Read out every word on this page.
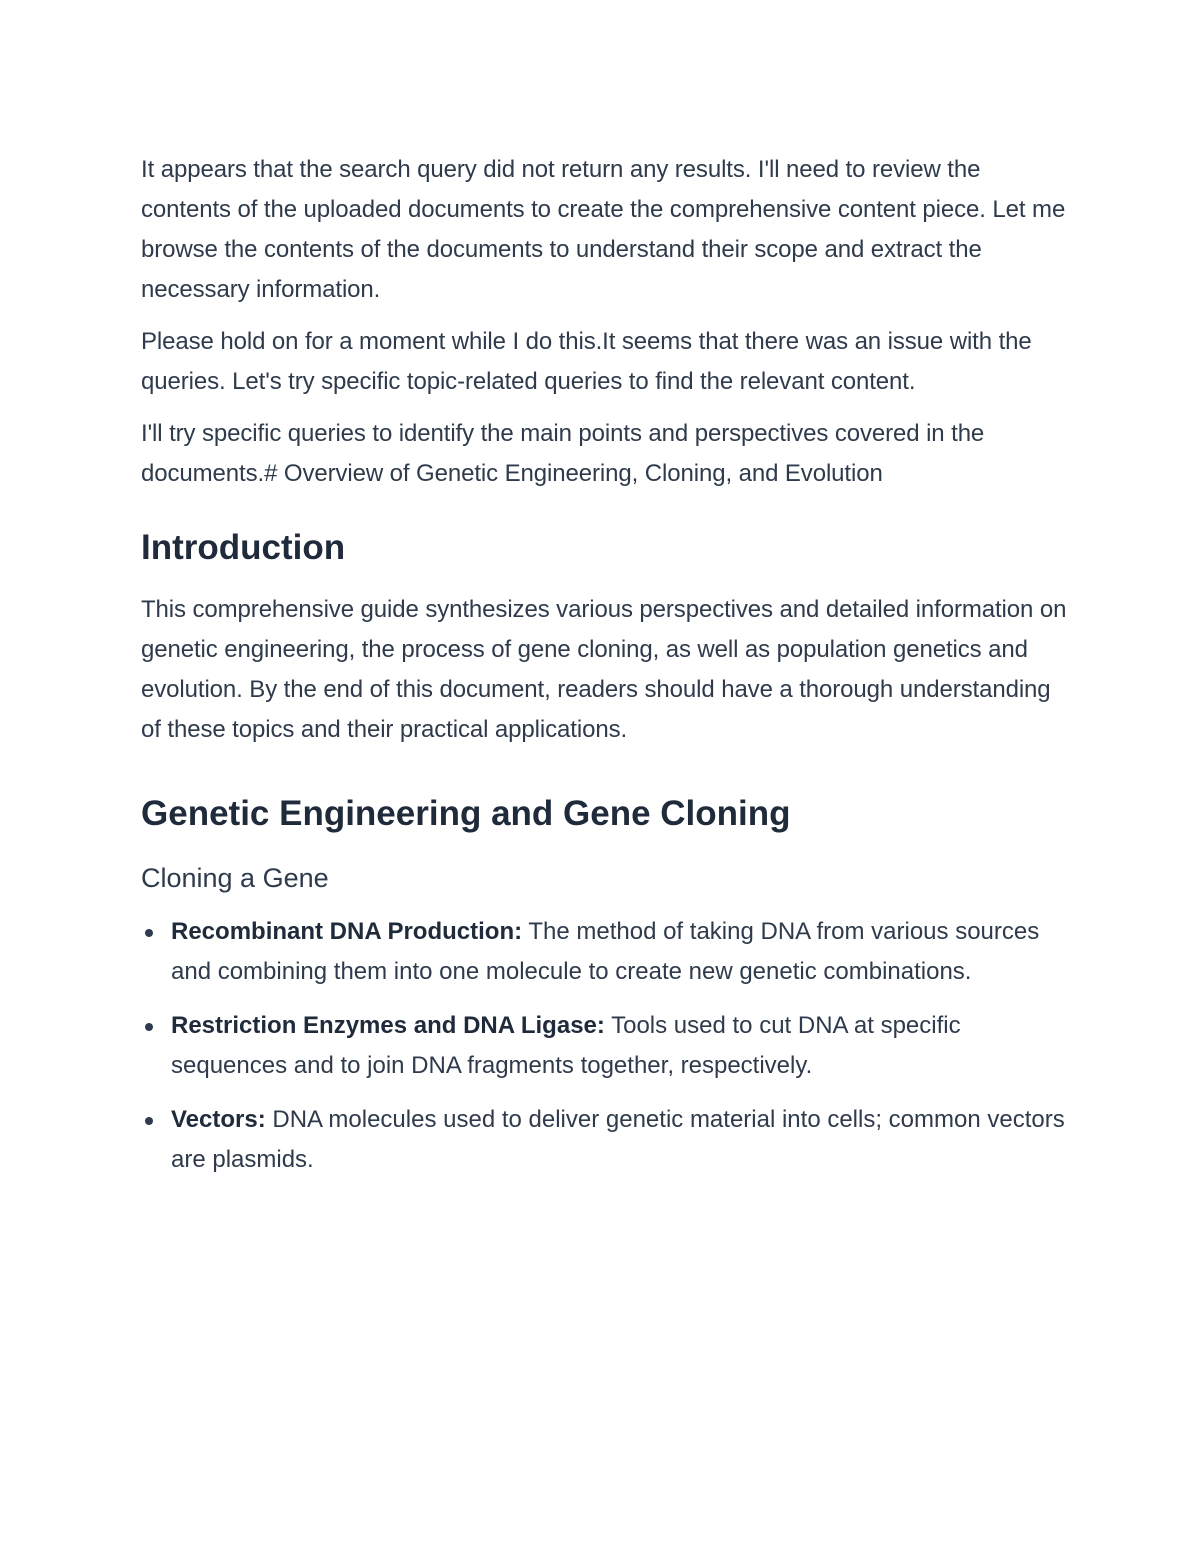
It appears that the search query did not return any results. I'll need to review the contents of the uploaded documents to create the comprehensive content piece. Let me browse the contents of the documents to understand their scope and extract the necessary information.

Please hold on for a moment while I do this.It seems that there was an issue with the queries. Let's try specific topic-related queries to find the relevant content.

I'll try specific queries to identify the main points and perspectives covered in the documents.# Overview of Genetic Engineering, Cloning, and Evolution

Introduction

This comprehensive guide synthesizes various perspectives and detailed information on genetic engineering, the process of gene cloning, as well as population genetics and evolution. By the end of this document, readers should have a thorough understanding of these topics and their practical applications.

Genetic Engineering and Gene Cloning
Cloning a Gene
Recombinant DNA Production: The method of taking DNA from various sources and combining them into one molecule to create new genetic combinations.
Restriction Enzymes and DNA Ligase: Tools used to cut DNA at specific sequences and to join DNA fragments together, respectively.
Vectors: DNA molecules used to deliver genetic material into cells; common vectors are plasmids.
